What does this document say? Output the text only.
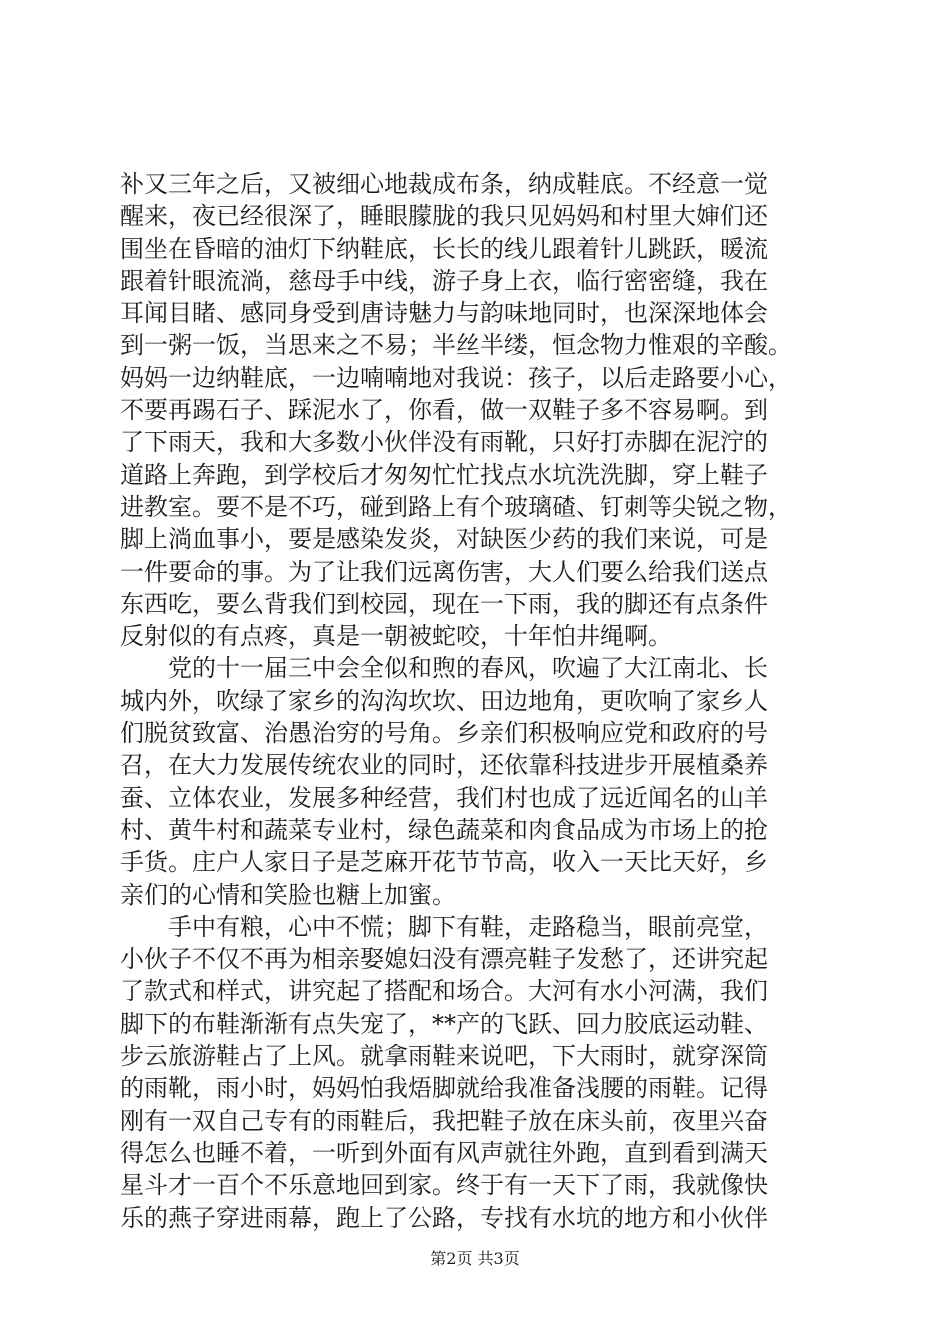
补又三年之后，又被细心地裁成布条，纳成鞋底。不经意一觉
醒来，夜已经很深了，睡眼朦胧的我只见妈妈和村里大婶们还
围坐在昏暗的油灯下纳鞋底，长长的线儿跟着针儿跳跃，暖流
跟着针眼流淌，慈母手中线，游子身上衣，临行密密缝，我在
耳闻目睹、感同身受到唐诗魅力与韵味地同时，也深深地体会
到一粥一饭，当思来之不易；半丝半缕，恒念物力惟艰的辛酸。
妈妈一边纳鞋底，一边喃喃地对我说：孩子，以后走路要小心，
不要再踢石子、踩泥水了，你看，做一双鞋子多不容易啊。到
了下雨天，我和大多数小伙伴没有雨靴，只好打赤脚在泥泞的
道路上奔跑，到学校后才匆匆忙忙找点水坑洗洗脚，穿上鞋子
进教室。要不是不巧，碰到路上有个玻璃碴、钉刺等尖锐之物，
脚上淌血事小，要是感染发炎，对缺医少药的我们来说，可是
一件要命的事。为了让我们远离伤害，大人们要么给我们送点
东西吃，要么背我们到校园，现在一下雨，我的脚还有点条件
反射似的有点疼，真是一朝被蛇咬，十年怕井绳啊。
党的十一届三中会全似和煦的春风，吹遍了大江南北、长
城内外，吹绿了家乡的沟沟坎坎、田边地角，更吹响了家乡人
们脱贫致富、治愚治穷的号角。乡亲们积极响应党和政府的号
召，在大力发展传统农业的同时，还依靠科技进步开展植桑养
蚕、立体农业，发展多种经营，我们村也成了远近闻名的山羊
村、黄牛村和蔬菜专业村，绿色蔬菜和肉食品成为市场上的抢
手货。庄户人家日子是芝麻开花节节高，收入一天比天好，乡
亲们的心情和笑脸也糖上加蜜。
手中有粮，心中不慌；脚下有鞋，走路稳当，眼前亮堂，
小伙子不仅不再为相亲娶媳妇没有漂亮鞋子发愁了，还讲究起
了款式和样式，讲究起了搭配和场合。大河有水小河满，我们
脚下的布鞋渐渐有点失宠了，**产的飞跃、回力胶底运动鞋、
步云旅游鞋占了上风。就拿雨鞋来说吧，下大雨时，就穿深筒
的雨靴，雨小时，妈妈怕我焐脚就给我准备浅腰的雨鞋。记得
刚有一双自己专有的雨鞋后，我把鞋子放在床头前，夜里兴奋
得怎么也睡不着，一听到外面有风声就往外跑，直到看到满天
星斗才一百个不乐意地回到家。终于有一天下了雨，我就像快
乐的燕子穿进雨幕，跑上了公路，专找有水坑的地方和小伙伴
第2页 共3页
